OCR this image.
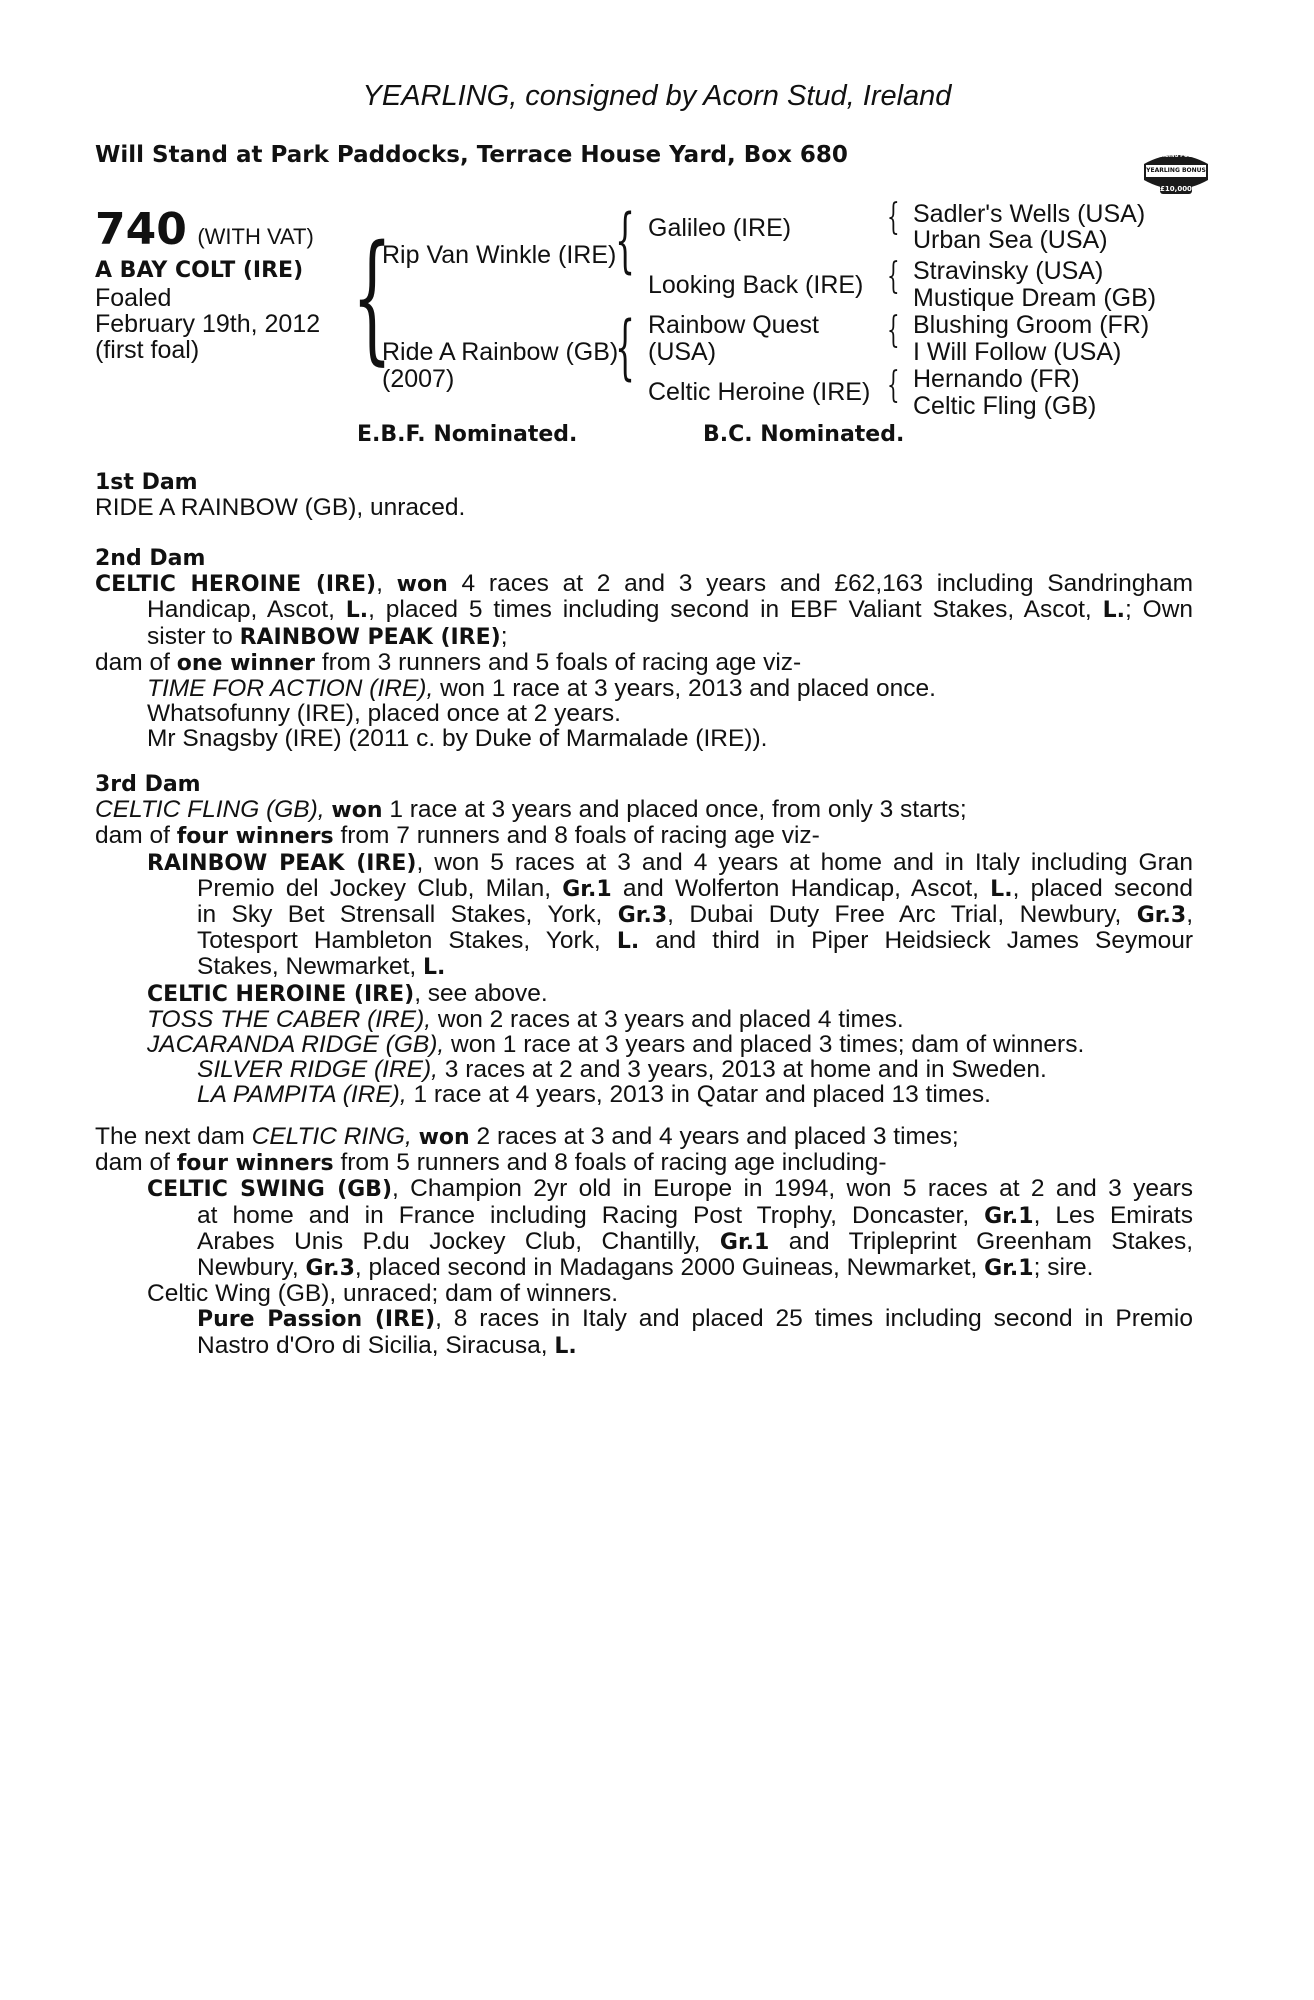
YEARLING, consigned by Acorn Stud, Ireland
Will Stand at Park Paddocks, Terrace House Yard, Box 680	RACING POST
YEARLING BONUS
£10,000
740 (WITH VAT)
A BAY COLT (IRE)
Foaled
February 19th, 2012
(first foal) {	{
{
{
{
{
{
Rip Van Winkle (IRE)
Ride A Rainbow (GB)
(2007)
Galileo (IRE)
Looking Back (IRE)
Rainbow Quest
(USA)
Celtic Heroine (IRE)
Sadler's Wells (USA)
Urban Sea (USA)
Stravinsky (USA)
Mustique Dream (GB)
Blushing Groom (FR)
I Will Follow (USA)
Hernando (FR)
Celtic Fling (GB)
E.B.F. Nominated.	B.C. Nominated.
1st Dam
RIDE A RAINBOW (GB), unraced.
2nd Dam
CELTIC HEROINE (IRE), won 4 races at 2 and 3 years and £62,163 including Sandringham
Handicap, Ascot, L., placed 5 times including second in EBF Valiant Stakes, Ascot, L.; Own
sister to RAINBOW PEAK (IRE);
dam of one winner from 3 runners and 5 foals of racing age viz-
TIME FOR ACTION (IRE), won 1 race at 3 years, 2013 and placed once.
Whatsofunny (IRE), placed once at 2 years.
Mr Snagsby (IRE) (2011 c. by Duke of Marmalade (IRE)).
3rd Dam
CELTIC FLING (GB), won 1 race at 3 years and placed once, from only 3 starts;
dam of four winners from 7 runners and 8 foals of racing age viz-
RAINBOW PEAK (IRE), won 5 races at 3 and 4 years at home and in Italy including Gran
Premio del Jockey Club, Milan, Gr.1 and Wolferton Handicap, Ascot, L., placed second
in Sky Bet Strensall Stakes, York, Gr.3, Dubai Duty Free Arc Trial, Newbury, Gr.3,
Totesport Hambleton Stakes, York, L. and third in Piper Heidsieck James Seymour
Stakes, Newmarket, L.
CELTIC HEROINE (IRE), see above.
TOSS THE CABER (IRE), won 2 races at 3 years and placed 4 times.
JACARANDA RIDGE (GB), won 1 race at 3 years and placed 3 times; dam of winners.
SILVER RIDGE (IRE), 3 races at 2 and 3 years, 2013 at home and in Sweden.
LA PAMPITA (IRE), 1 race at 4 years, 2013 in Qatar and placed 13 times.
The next dam CELTIC RING, won 2 races at 3 and 4 years and placed 3 times;
dam of four winners from 5 runners and 8 foals of racing age including-
CELTIC SWING (GB), Champion 2yr old in Europe in 1994, won 5 races at 2 and 3 years
at home and in France including Racing Post Trophy, Doncaster, Gr.1, Les Emirats
Arabes Unis P.du Jockey Club, Chantilly, Gr.1 and Tripleprint Greenham Stakes,
Newbury, Gr.3, placed second in Madagans 2000 Guineas, Newmarket, Gr.1; sire.
Celtic Wing (GB), unraced; dam of winners.
Pure Passion (IRE), 8 races in Italy and placed 25 times including second in Premio
Nastro d'Oro di Sicilia, Siracusa, L.
